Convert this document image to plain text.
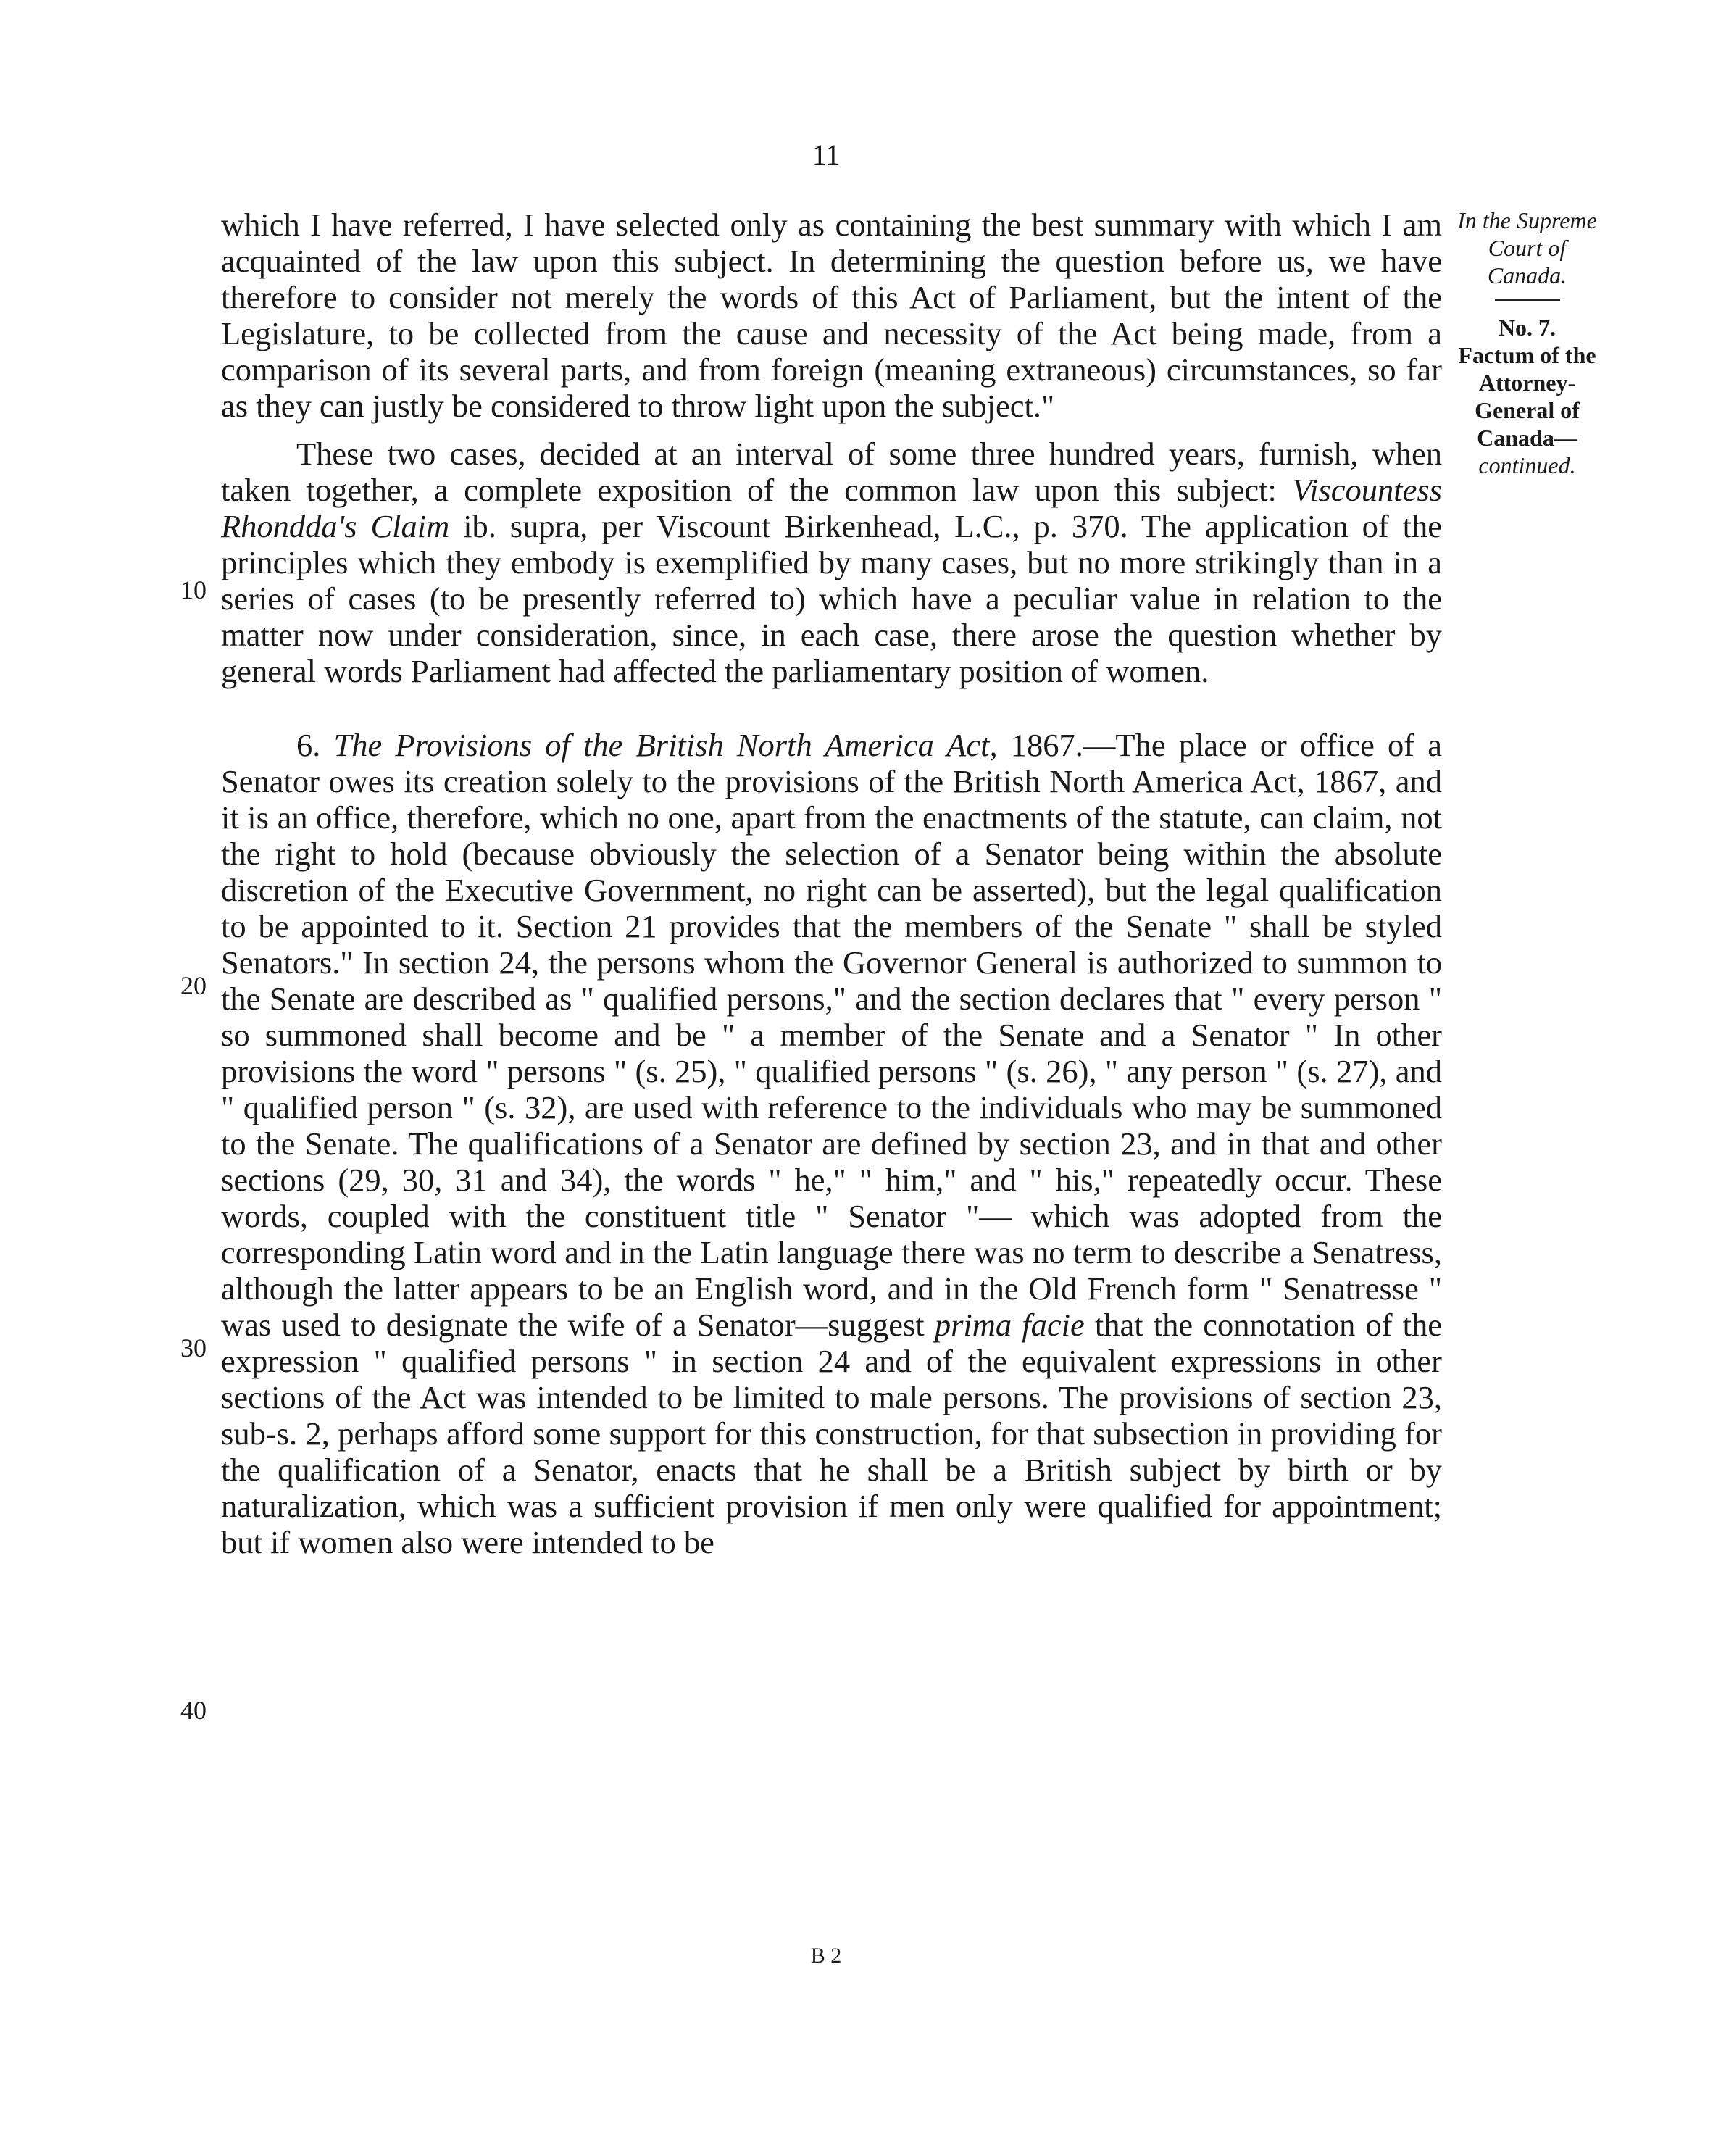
11
10
20
30
40

which I have referred, I have selected only as containing the best summary with which I am acquainted of the law upon this subject. In determining the question before us, we have therefore to consider not merely the words of this Act of Parliament, but the intent of the Legislature, to be collected from the cause and necessity of the Act being made, from a comparison of its several parts, and from foreign (meaning extraneous) circumstances, so far as they can justly be considered to throw light upon the subject."

These two cases, decided at an interval of some three hundred years, furnish, when taken together, a complete exposition of the common law upon this subject: Viscountess Rhondda's Claim ib. supra, per Viscount Birkenhead, L.C., p. 370. The application of the principles which they embody is exemplified by many cases, but no more strikingly than in a series of cases (to be presently referred to) which have a peculiar value in relation to the matter now under consideration, since, in each case, there arose the question whether by general words Parliament had affected the parliamentary position of women.

6. The Provisions of the British North America Act, 1867.—The place or office of a Senator owes its creation solely to the provisions of the British North America Act, 1867, and it is an office, therefore, which no one, apart from the enactments of the statute, can claim, not the right to hold (because obviously the selection of a Senator being within the absolute discretion of the Executive Government, no right can be asserted), but the legal qualification to be appointed to it. Section 21 provides that the members of the Senate " shall be styled Senators." In section 24, the persons whom the Governor General is authorized to summon to the Senate are described as " qualified persons," and the section declares that " every person " so summoned shall become and be " a member of the Senate and a Senator " In other provisions the word " persons " (s. 25), " qualified persons " (s. 26), " any person " (s. 27), and " qualified person " (s. 32), are used with reference to the individuals who may be summoned to the Senate. The qualifications of a Senator are defined by section 23, and in that and other sections (29, 30, 31 and 34), the words " he," " him," and " his," repeatedly occur. These words, coupled with the constituent title " Senator "— which was adopted from the corresponding Latin word and in the Latin language there was no term to describe a Senatress, although the latter appears to be an English word, and in the Old French form " Senatresse " was used to designate the wife of a Senator—suggest prima facie that the connotation of the expression " qualified persons " in section 24 and of the equivalent expressions in other sections of the Act was intended to be limited to male persons. The provisions of section 23, sub-s. 2, perhaps afford some support for this construction, for that subsection in providing for the qualification of a Senator, enacts that he shall be a British subject by birth or by naturalization, which was a sufficient provision if men only were qualified for appointment; but if women also were intended to be

In the Supreme Court of Canada.
No. 7.
Factum of the Attorney-General of Canada—
continued.
B 2
